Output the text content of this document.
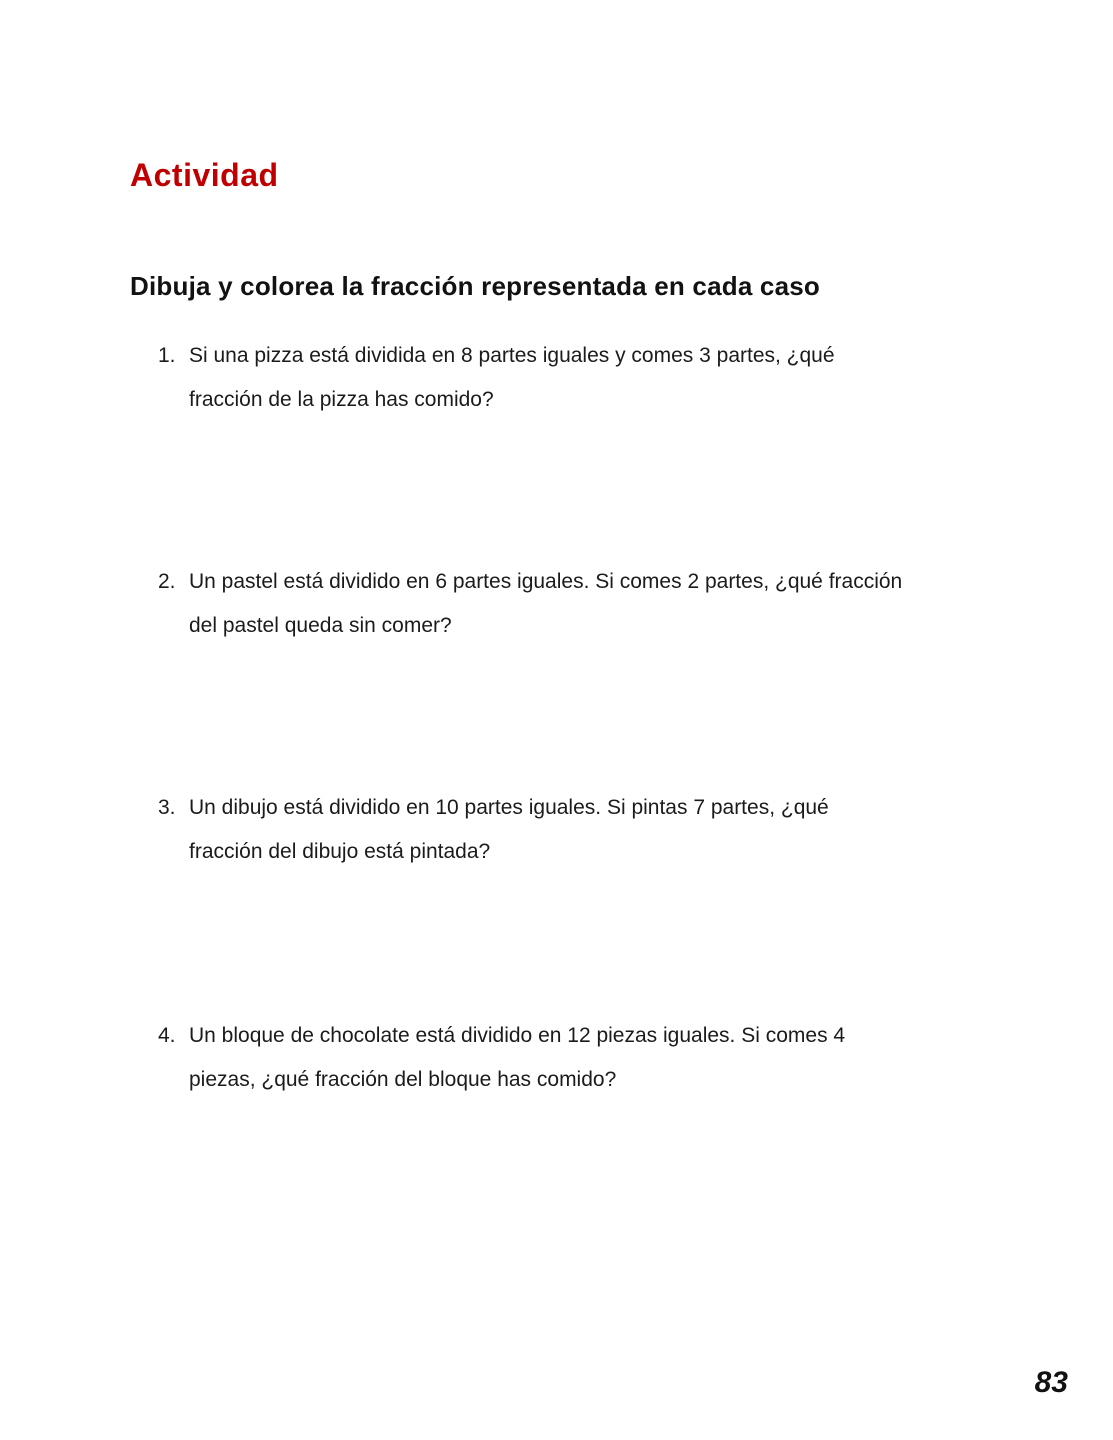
Actividad
Dibuja y colorea la fracción representada en cada caso
1. Si una pizza está dividida en 8 partes iguales y comes 3 partes, ¿qué
fracción de la pizza has comido?
2. Un pastel está dividido en 6 partes iguales. Si comes 2 partes, ¿qué fracción
del pastel queda sin comer?
3. Un dibujo está dividido en 10 partes iguales. Si pintas 7 partes, ¿qué
fracción del dibujo está pintada?
4. Un bloque de chocolate está dividido en 12 piezas iguales. Si comes 4
piezas, ¿qué fracción del bloque has comido?
83
